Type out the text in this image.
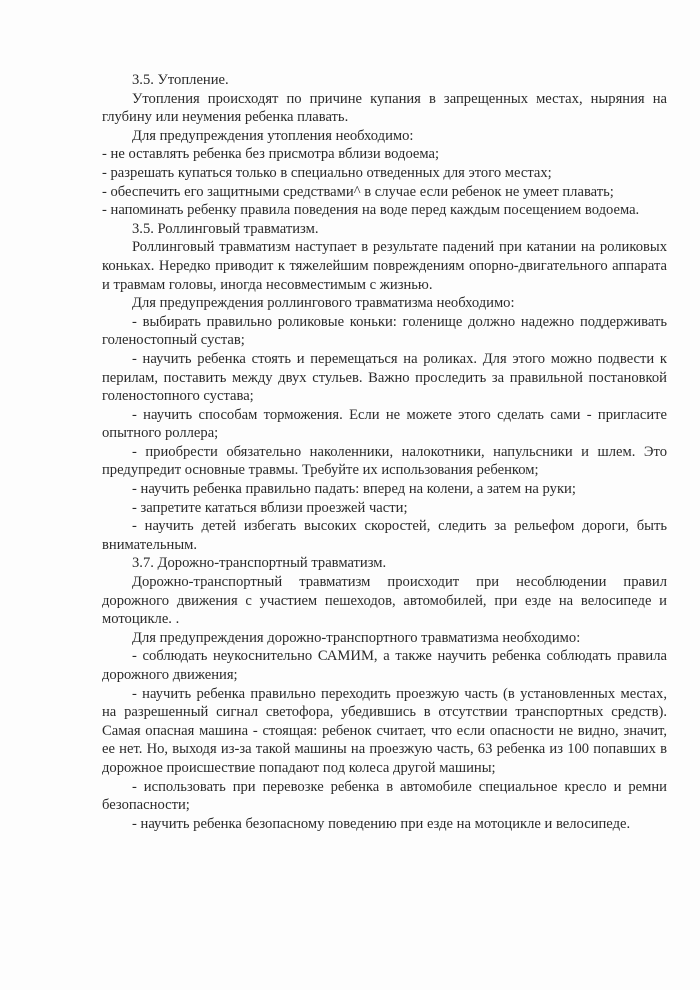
3.5. Утопление.

Утопления происходят по причине купания в запрещенных местах, ныряния на глубину или неумения ребенка плавать.

Для предупреждения утопления необходимо:

- не оставлять ребенка без присмотра вблизи водоема;

- разрешать купаться только в специально отведенных для этого местах;

- обеспечить его защитными средствами^ в случае если ребенок не умеет плавать;

- напоминать ребенку правила поведения на воде перед каждым посещением водоема.

3.5. Роллинговый травматизм.

Роллинговый травматизм наступает в результате падений при катании на роликовых коньках. Нередко приводит к тяжелейшим повреждениям опорно-двигательного аппарата и травмам головы, иногда несовместимым с жизнью.

Для предупреждения роллингового травматизма необходимо:

- выбирать правильно роликовые коньки: голенище должно надежно поддерживать голеностопный сустав;

- научить ребенка стоять и перемещаться на роликах. Для этого можно подвести к перилам, поставить между двух стульев. Важно проследить за правильной постановкой голеностопного сустава;

- научить способам торможения. Если не можете этого сделать сами - пригласите опытного роллера;

- приобрести обязательно наколенники, налокотники, напульсники и шлем. Это предупредит основные травмы. Требуйте их использования ребенком;

- научить ребенка правильно падать: вперед на колени, а затем на руки;

- запретите кататься вблизи проезжей части;

- научить детей избегать высоких скоростей, следить за рельефом дороги, быть внимательным.

3.7. Дорожно-транспортный травматизм.

Дорожно-транспортный травматизм происходит при несоблюдении правил дорожного движения с участием пешеходов, автомобилей, при езде на велосипеде и мотоцикле. .

Для предупреждения дорожно-транспортного травматизма необходимо:

- соблюдать неукоснительно САМИМ, а также научить ребенка соблюдать правила дорожного движения;

- научить ребенка правильно переходить проезжую часть (в установленных местах, на разрешенный сигнал светофора, убедившись в отсутствии транспортных средств). Самая опасная машина - стоящая: ребенок считает, что если опасности не видно, значит, ее нет. Но, выходя из-за такой машины на проезжую часть, 63 ребенка из 100 попавших в дорожное происшествие попадают под колеса другой машины;

- использовать при перевозке ребенка в автомобиле специальное кресло и ремни безопасности;

- научить ребенка безопасному поведению при езде на мотоцикле и велосипеде.
